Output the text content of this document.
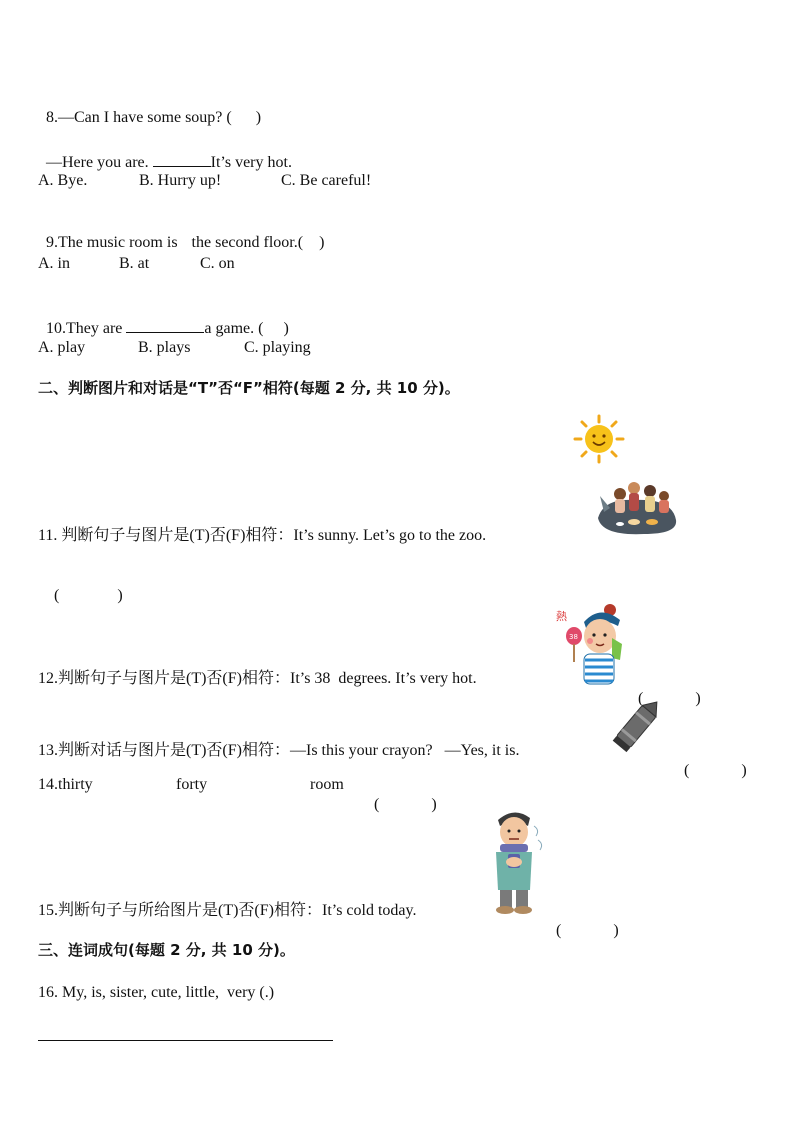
8.—Can I have some soup? ( )

—Here you are.	It’s very hot.

A. Bye.	B. Hurry up!	C. Be careful!

9.The music room is the second floor.( )

A. in	B. at	C. on

10.They are	a game. ( )

A. play	B. plays	C. playing
二、判断图片和对话是“T”否“F”相符(每题 2 分, 共 10 分)。
11. 判断句子与图片是(T)否(F)相符：It’s sunny. Let’s go to the zoo.

(	)

熱
38
12.判断句子与图片是(T)否(F)相符：It’s 38  degrees. It’s very hot.

(	)

13.判断对话与图片是(T)否(F)相符：—Is this your crayon?   —Yes, it is.

(	)

14.thirty	forty	room

(	)

15.判断句子与所给图片是(T)否(F)相符：It’s cold today.

(	)

三、连词成句(每题 2 分, 共 10 分)。
16. My, is, sister, cute, little,  very (.)
